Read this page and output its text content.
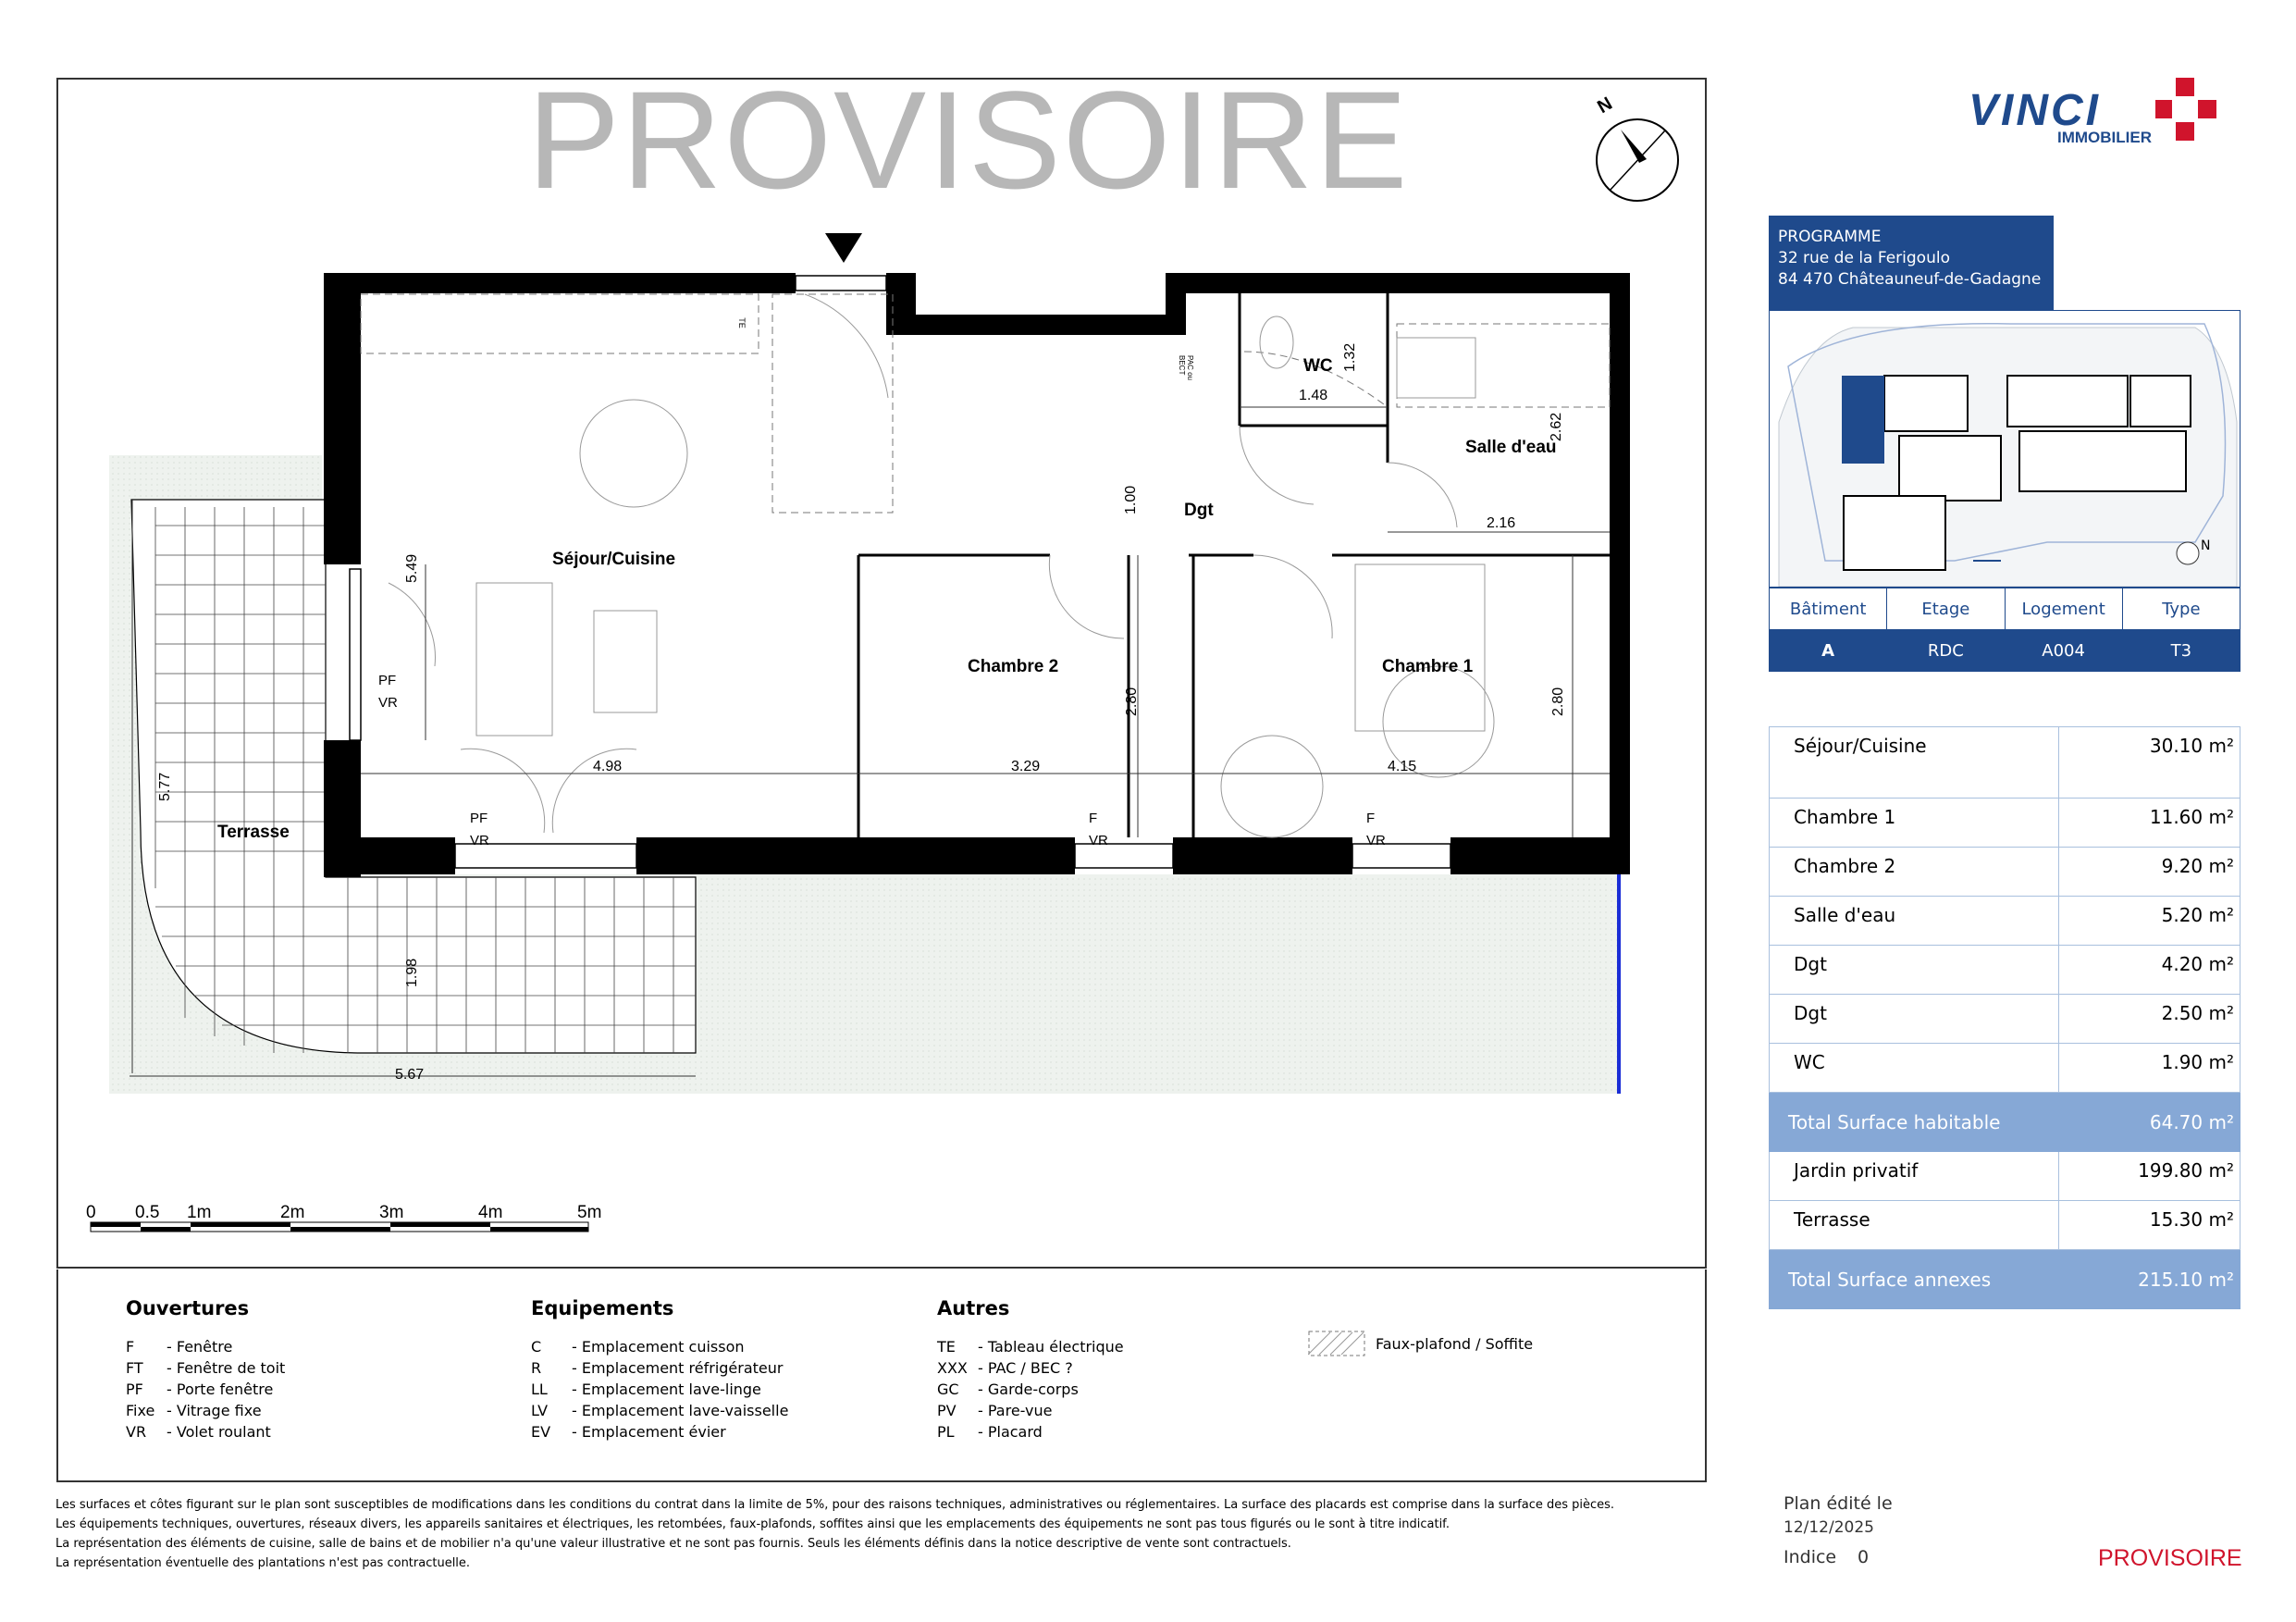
PROVISOIRE	N
Séjour/Cuisine
Chambre 2	Chambre 1
WC
Salle d'eau
Dgt
Terrasse
5.49
4.98	3.29	4.15
2.80	2.80
1.00
1.32
1.48
2.62
2.16
5.77
1.98
5.67
PF
VR
PF
VR
F
VR
F
VR
TE
PAC ou BECT
0 0.5 1m	2m	3m	4m	5m
Ouvertures
F - Fenêtre
FT - Fenêtre de toit
PF - Porte fenêtre
Fixe - Vitrage fixe
VR - Volet roulant
Equipements
C - Emplacement cuisson
R - Emplacement réfrigérateur
LL - Emplacement lave-linge
LV - Emplacement lave-vaisselle
EV - Emplacement évier
Autres
TE - Tableau électrique
XXX - PAC / BEC ?
GC - Garde-corps
PV - Pare-vue
PL - Placard
Faux-plafond / Soffite
VINCI
IMMOBILIER
PROGRAMME
32 rue de la Ferigoulo
84 470 Châteauneuf-de-Gadagne
N
Bâtiment	Etage	Logement	Type
A	RDC	A004	T3
Séjour/Cuisine	30.10 m²
Chambre 1	11.60 m²
Chambre 2	9.20 m²
Salle d'eau	5.20 m²
Dgt	4.20 m²
Dgt	2.50 m²
WC	1.90 m²
Total Surface habitable	64.70 m²
Jardin privatif	199.80 m²
Terrasse	15.30 m²
Total Surface annexes	215.10 m²
Les surfaces et côtes figurant sur le plan sont susceptibles de modifications dans les conditions du contrat dans la limite de 5%, pour des raisons techniques, administratives ou réglementaires. La surface des placards est comprise dans la surface des pièces.
Les équipements techniques, ouvertures, réseaux divers, les appareils sanitaires et électriques, les retombées, faux-plafonds, soffites ainsi que les emplacements des équipements ne sont pas tous figurés ou le sont à titre indicatif.
La représentation des éléments de cuisine, salle de bains et de mobilier n'a qu'une valeur illustrative et ne sont pas fournis. Seuls les éléments définis dans la notice descriptive de vente sont contractuels.
La représentation éventuelle des plantations n'est pas contractuelle.
Plan édité le
12/12/2025
Indice 0	PROVISOIRE
